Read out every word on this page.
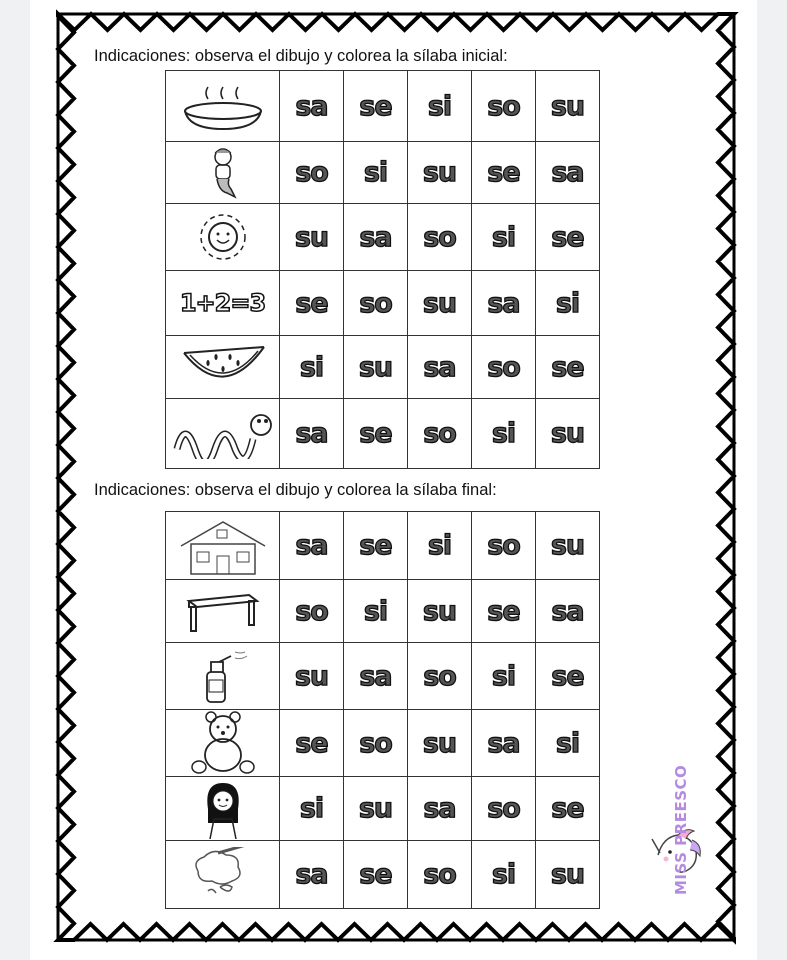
Indicaciones: observa el dibujo y colorea la sílaba inicial:
	sa	se	si	so	su

	so	si	su	se	sa

	su	sa	so	si	se
1+2=3	se	so	su	sa	si

	si	su	sa	so	se

	sa	se	so	si	su
Indicaciones: observa el dibujo y colorea la sílaba final:
	sa	se	si	so	su

	so	si	su	se	sa

	su	sa	so	si	se

	se	so	su	sa	si

	si	su	sa	so	se

	sa	se	so	si	su	MISS PREESCO
